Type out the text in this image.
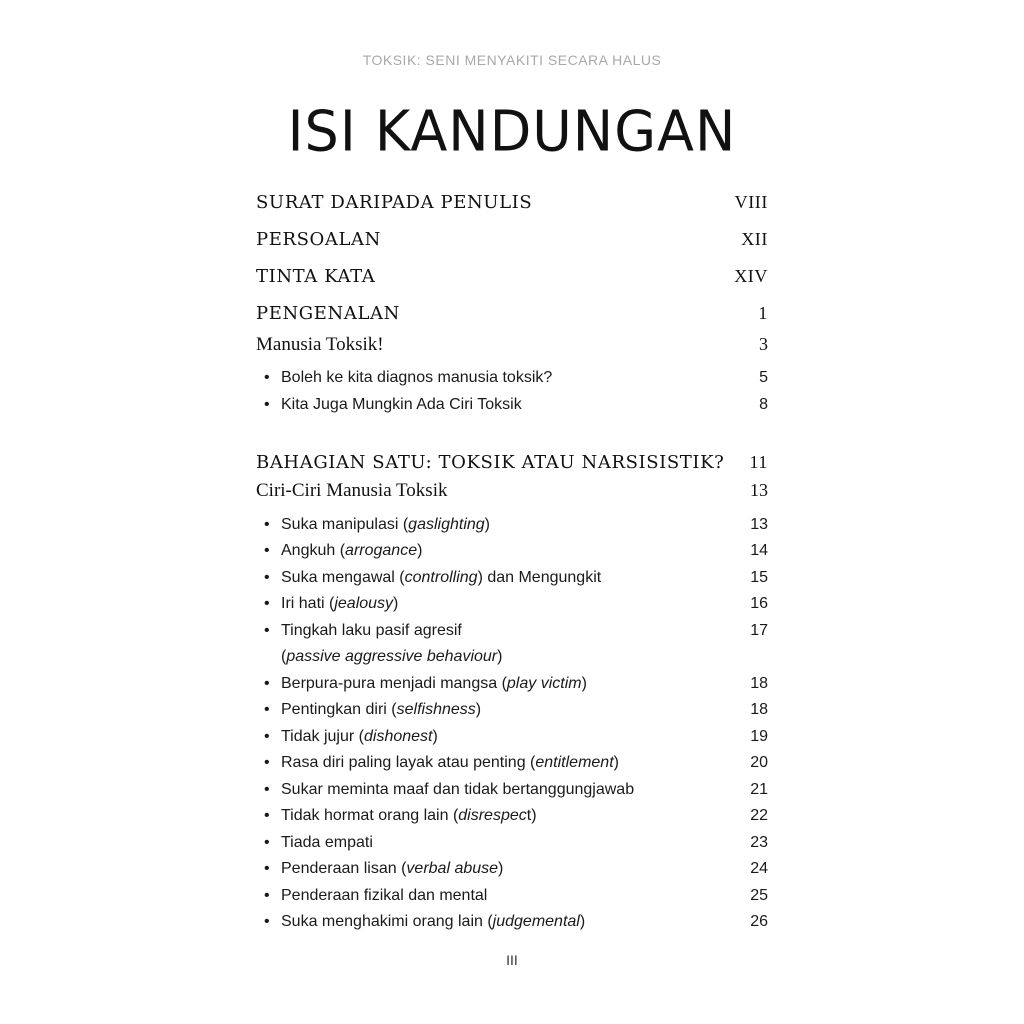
TOKSIK: SENI MENYAKITI SECARA HALUS
ISI KANDUNGAN
SURAT DARIPADA PENULIS	VIII
PERSOALAN	XII
TINTA KATA	XIV
PENGENALAN	1
Manusia Toksik!	3
• Boleh ke kita diagnos manusia toksik?	5
• Kita Juga Mungkin Ada Ciri Toksik	8
BAHAGIAN SATU: TOKSIK ATAU NARSISISTIK? 11
Ciri-Ciri Manusia Toksik	13
• Suka manipulasi (gaslighting)	13
• Angkuh (arrogance)	14
• Suka mengawal (controlling) dan Mengungkit	15
• Iri hati (jealousy)	16
• Tingkah laku pasif agresif	17
(passive aggressive behaviour)
• Berpura-pura menjadi mangsa (play victim)	18
• Pentingkan diri (selfishness)	18
• Tidak jujur (dishonest)	19
• Rasa diri paling layak atau penting (entitlement)	20
• Sukar meminta maaf dan tidak bertanggungjawab	21
• Tidak hormat orang lain (disrespect)	22
• Tiada empati	23
• Penderaan lisan (verbal abuse)	24
• Penderaan fizikal dan mental	25
• Suka menghakimi orang lain (judgemental)	26
III
